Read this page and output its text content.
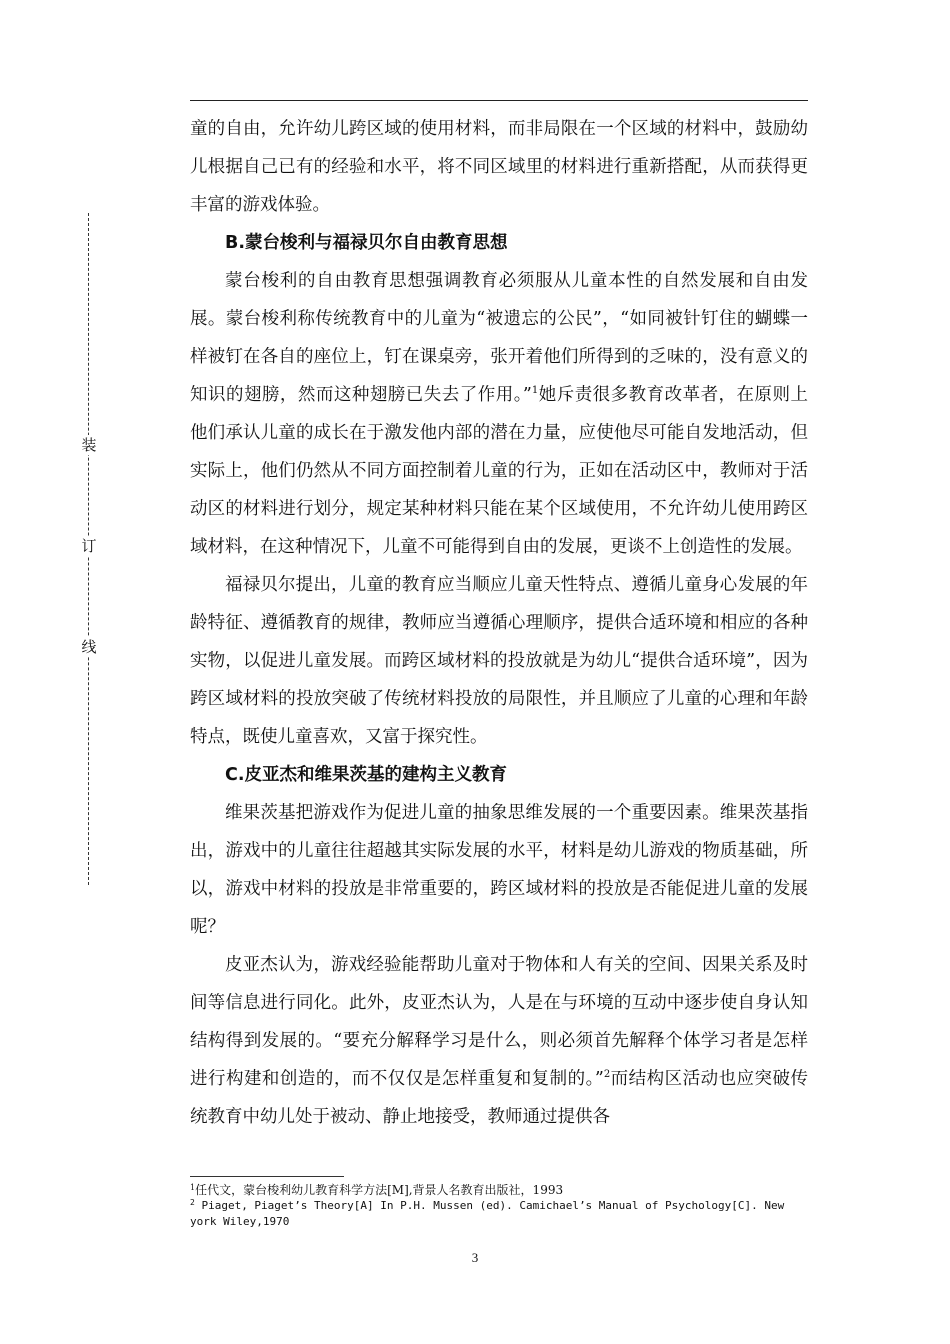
装
订
线

童的自由，允许幼儿跨区域的使用材料，而非局限在一个区域的材料中，鼓励幼儿根据自己已有的经验和水平，将不同区域里的材料进行重新搭配，从而获得更丰富的游戏体验。

B.蒙台梭利与福禄贝尔自由教育思想

蒙台梭利的自由教育思想强调教育必须服从儿童本性的自然发展和自由发展。蒙台梭利称传统教育中的儿童为“被遗忘的公民”，“如同被针钉住的蝴蝶一样被钉在各自的座位上，钉在课桌旁，张开着他们所得到的乏味的，没有意义的知识的翅膀，然而这种翅膀已失去了作用。”$^1$她斥责很多教育改革者，在原则上他们承认儿童的成长在于激发他内部的潜在力量，应使他尽可能自发地活动，但实际上，他们仍然从不同方面控制着儿童的行为，正如在活动区中，教师对于活动区的材料进行划分，规定某种材料只能在某个区域使用，不允许幼儿使用跨区域材料，在这种情况下，儿童不可能得到自由的发展，更谈不上创造性的发展。

福禄贝尔提出，儿童的教育应当顺应儿童天性特点、遵循儿童身心发展的年龄特征、遵循教育的规律，教师应当遵循心理顺序，提供合适环境和相应的各种实物，以促进儿童发展。而跨区域材料的投放就是为幼儿“提供合适环境”，因为跨区域材料的投放突破了传统材料投放的局限性，并且顺应了儿童的心理和年龄特点，既使儿童喜欢，又富于探究性。

C.皮亚杰和维果茨基的建构主义教育

维果茨基把游戏作为促进儿童的抽象思维发展的一个重要因素。维果茨基指出，游戏中的儿童往往超越其实际发展的水平，材料是幼儿游戏的物质基础，所以，游戏中材料的投放是非常重要的，跨区域材料的投放是否能促进儿童的发展呢？

皮亚杰认为，游戏经验能帮助儿童对于物体和人有关的空间、因果关系及时间等信息进行同化。此外，皮亚杰认为，人是在与环境的互动中逐步使自身认知结构得到发展的。“要充分解释学习是什么，则必须首先解释个体学习者是怎样进行构建和创造的，而不仅仅是怎样重复和复制的。”$^2$而结构区活动也应突破传统教育中幼儿处于被动、静止地接受，教师通过提供各

$^1$任代文，蒙台梭利幼儿教育科学方法[M],背景人名教育出版社，1993
$^2$ Piaget, Piaget’s Theory[A] In P.H. Mussen (ed). Camichael’s Manual of Psychology[C]. New york Wiley,1970
3
